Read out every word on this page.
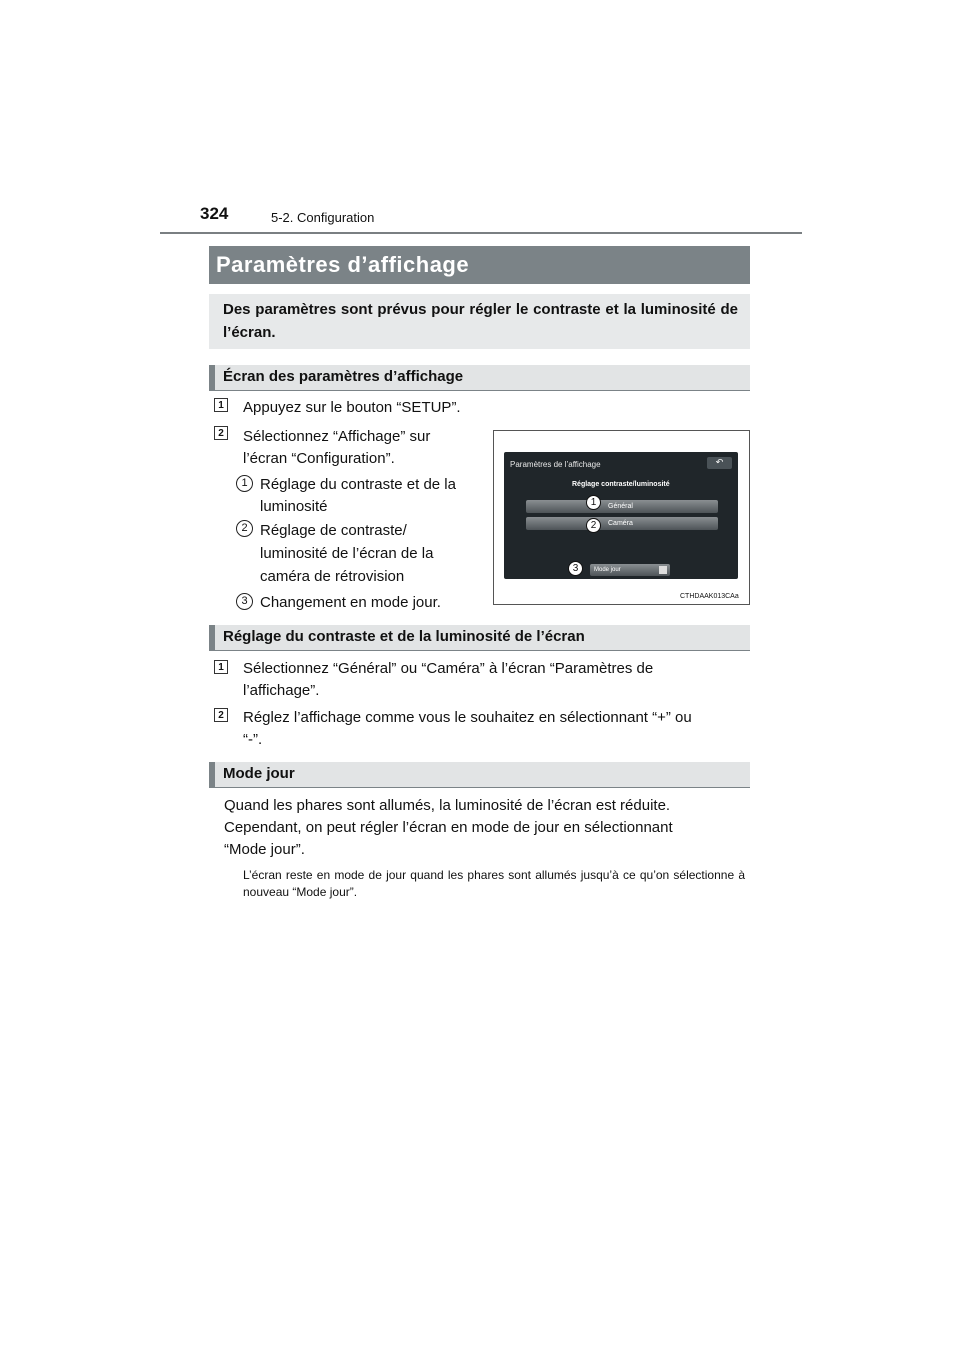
324	5-2. Configuration
Paramètres d’affichage
Des paramètres sont prévus pour régler le contraste et la luminosité de l’écran.
Écran des paramètres d’affichage
1 Appuyez sur le bouton “SETUP”.
2 Sélectionnez “Affichage” sur
l’écran “Configuration”.
1 Réglage du contraste et de la
luminosité
2 Réglage de contraste/
luminosité de l’écran de la
caméra de rétrovision
3 Changement en mode jour.
Paramètres de l’affichage	↶
Réglage contraste/luminosité
Général
Caméra
Mode jour
1
2
3
CTHDAAK013CAa
Réglage du contraste et de la luminosité de l’écran
1 Sélectionnez “Général” ou “Caméra” à l’écran “Paramètres de
l’affichage”.
2 Réglez l’affichage comme vous le souhaitez en sélectionnant “+” ou
“-”.
Mode jour
Quand les phares sont allumés, la luminosité de l’écran est réduite.
Cependant, on peut régler l’écran en mode de jour en sélectionnant
“Mode jour”.
L’écran reste en mode de jour quand les phares sont allumés jusqu’à ce qu’on sélectionne à nouveau “Mode jour”.
